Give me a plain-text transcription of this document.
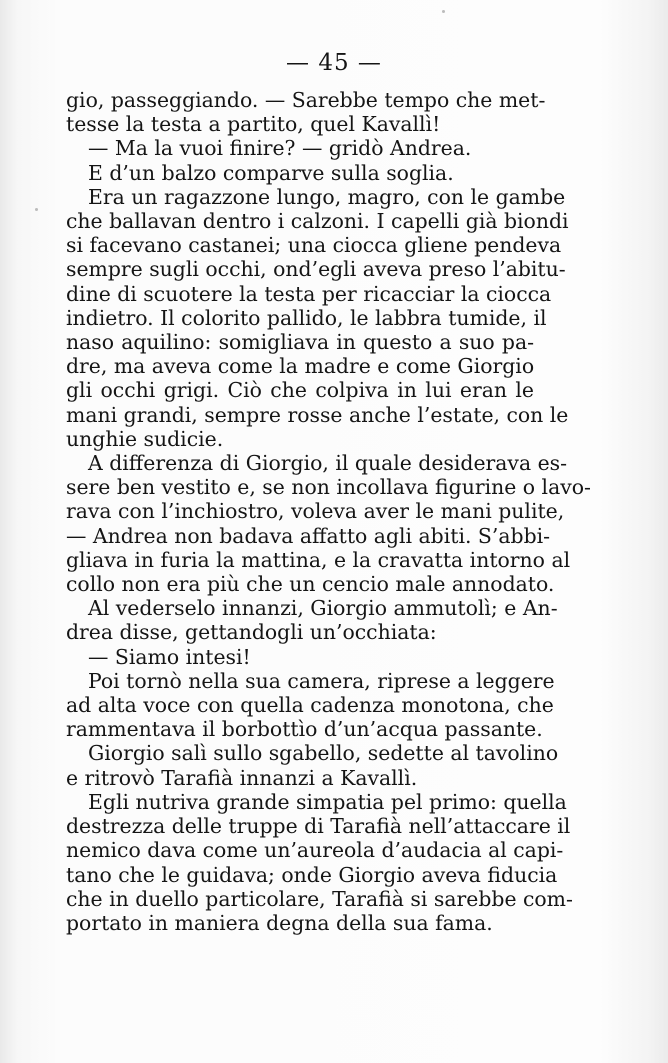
— 45 —
gio, passeggiando. — Sarebbe tempo che met-
tesse la testa a partito, quel Kavallì!
— Ma la vuoi finire? — gridò Andrea.
E d’un balzo comparve sulla soglia.
Era un ragazzone lungo, magro, con le gambe
che ballavan dentro i calzoni. I capelli già biondi
si facevano castanei; una ciocca gliene pendeva
sempre sugli occhi, ond’egli aveva preso l’abitu-
dine di scuotere la testa per ricacciar la ciocca
indietro. Il colorito pallido, le labbra tumide, il
naso aquilino: somigliava in questo a suo pa-
dre, ma aveva come la madre e come Giorgio
gli occhi grigi. Ciò che colpiva in lui eran le
mani grandi, sempre rosse anche l’estate, con le
unghie sudicie.
A differenza di Giorgio, il quale desiderava es-
sere ben vestito e, se non incollava figurine o lavo-
rava con l’inchiostro, voleva aver le mani pulite,
— Andrea non badava affatto agli abiti. S’abbi-
gliava in furia la mattina, e la cravatta intorno al
collo non era più che un cencio male annodato.
Al vederselo innanzi, Giorgio ammutolì; e An-
drea disse, gettandogli un’occhiata:
— Siamo intesi!
Poi tornò nella sua camera, riprese a leggere
ad alta voce con quella cadenza monotona, che
rammentava il borbottìo d’un’acqua passante.
Giorgio salì sullo sgabello, sedette al tavolino
e ritrovò Tarafià innanzi a Kavallì.
Egli nutriva grande simpatia pel primo: quella
destrezza delle truppe di Tarafià nell’attaccare il
nemico dava come un’aureola d’audacia al capi-
tano che le guidava; onde Giorgio aveva fiducia
che in duello particolare, Tarafià si sarebbe com-
portato in maniera degna della sua fama.
